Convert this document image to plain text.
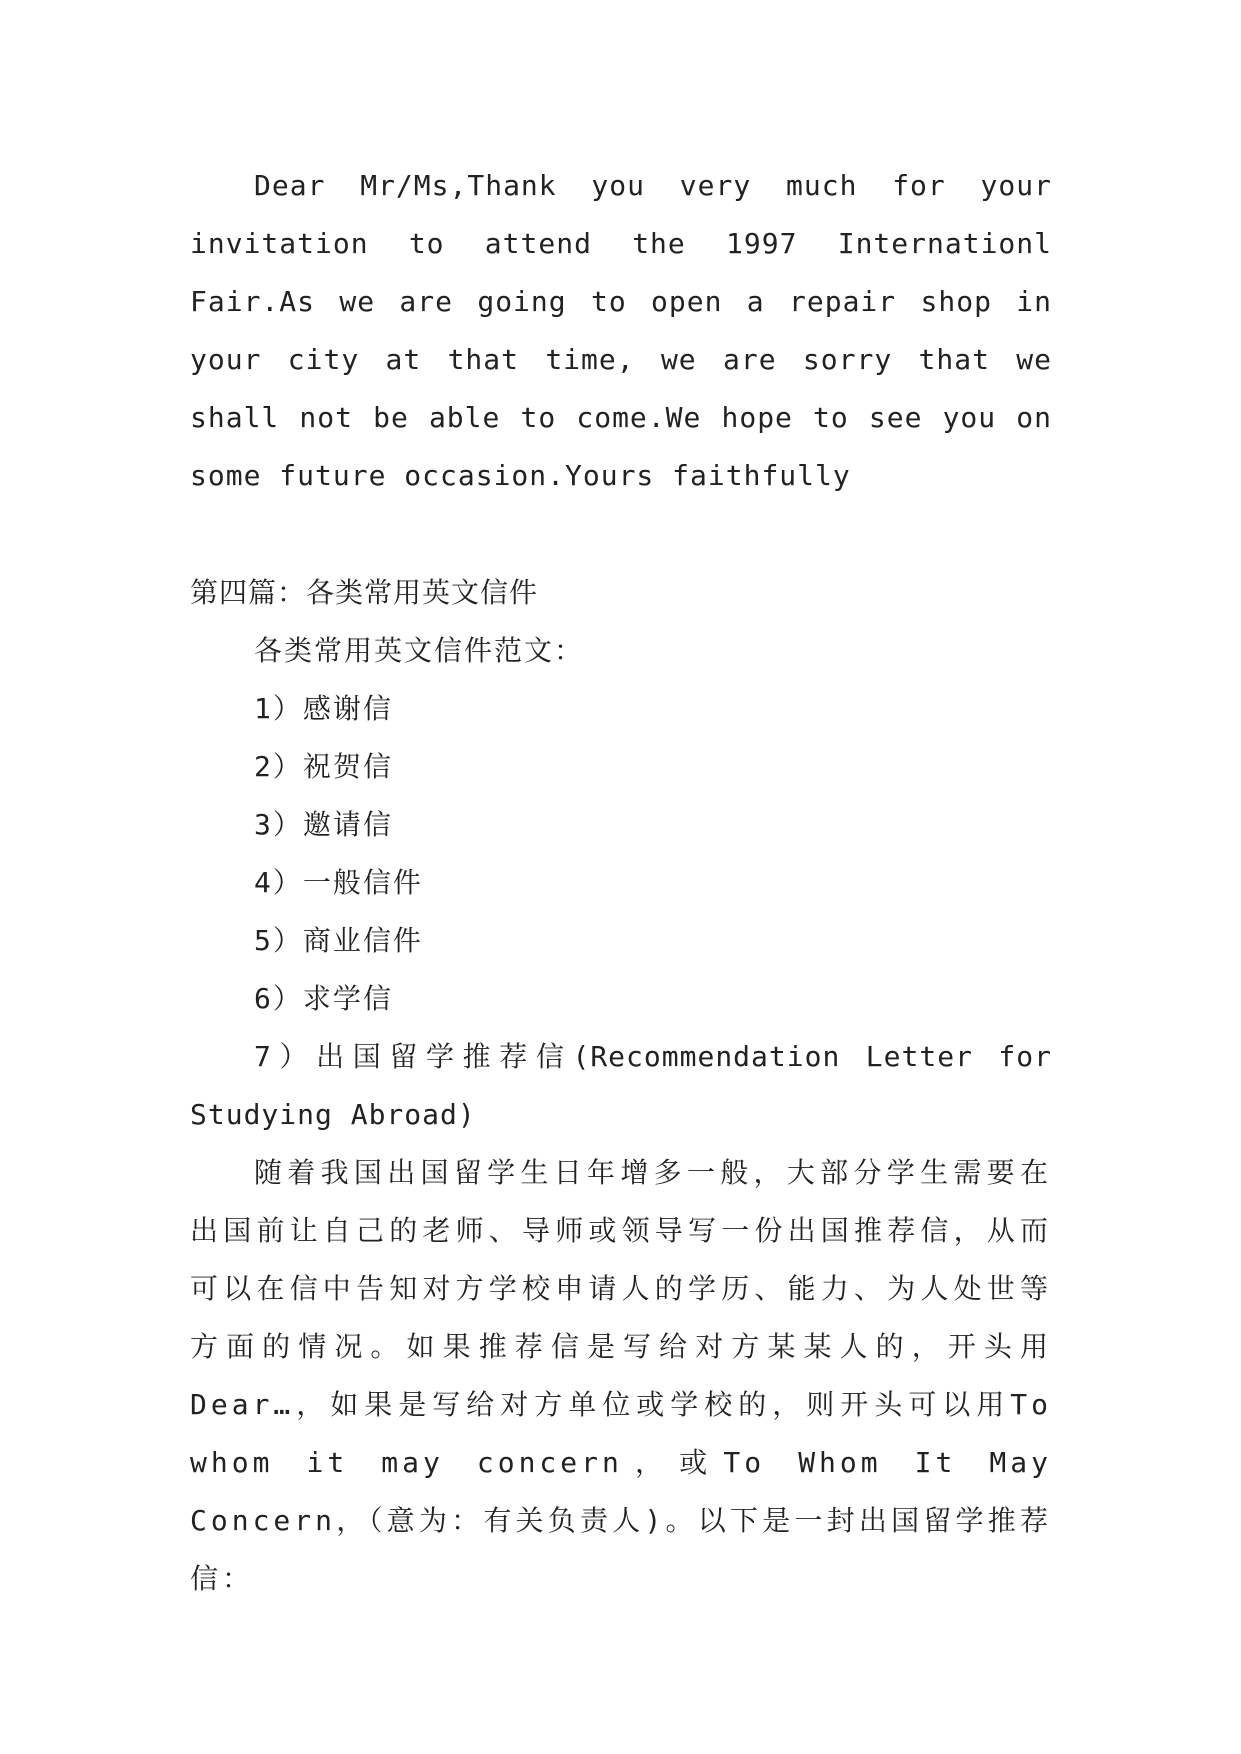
Dear Mr/Ms,Thank you very much for your invitation to attend the 1997 Internationl Fair.As we are going to open a repair shop in your city at that time, we are sorry that we shall not be able to come.We hope to see you on some future occasion.Yours faithfully

第四篇：各类常用英文信件

各类常用英文信件范文：

1）感谢信

2）祝贺信

3）邀请信

4）一般信件

5）商业信件

6）求学信

7）出国留学推荐信(Recommendation Letter for Studying Abroad)

随着我国出国留学生日年增多一般，大部分学生需要在出国前让自己的老师、导师或领导写一份出国推荐信，从而可以在信中告知对方学校申请人的学历、能力、为人处世等方面的情况。如果推荐信是写给对方某某人的，开头用Dear…，如果是写给对方单位或学校的，则开头可以用To whom it may concern，或To Whom It May Concern，（意为：有关负责人)。以下是一封出国留学推荐信：
